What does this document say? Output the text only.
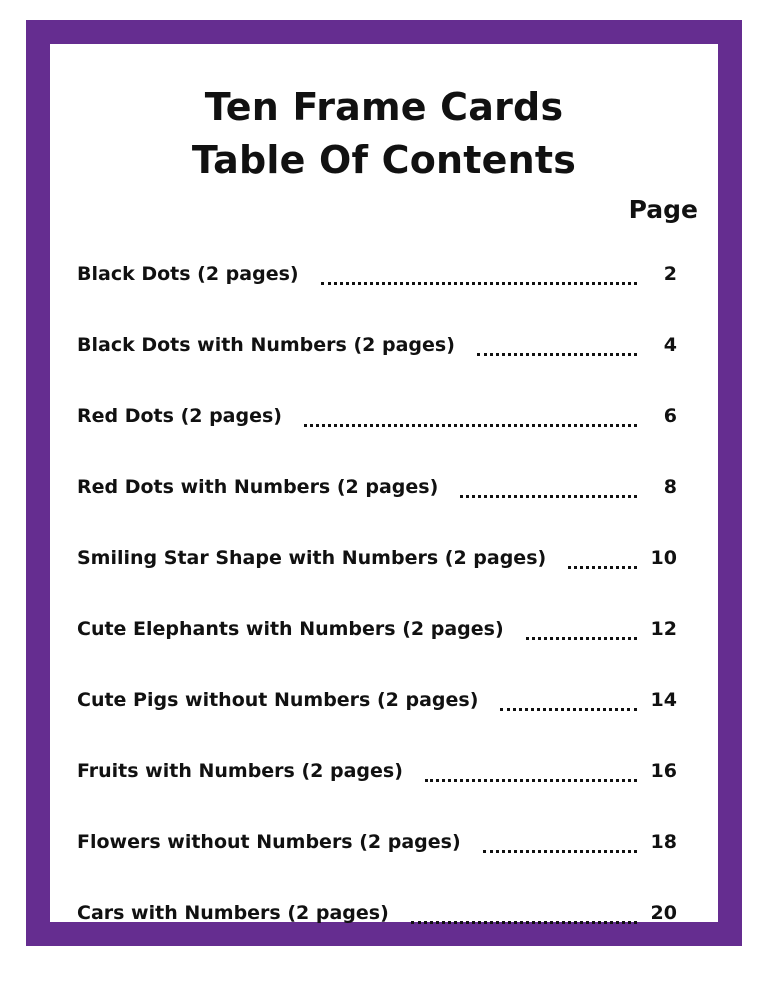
Ten Frame Cards
Table Of Contents
Page
Black Dots (2 pages)	2
Black Dots with Numbers (2 pages)	4
Red Dots (2 pages)	6
Red Dots with Numbers (2 pages)	8
Smiling Star Shape with Numbers (2 pages)	10
Cute Elephants with Numbers (2 pages)	12
Cute Pigs without Numbers (2 pages)	14
Fruits with Numbers (2 pages)	16
Flowers without Numbers (2 pages)	18
Cars with Numbers (2 pages)	20
